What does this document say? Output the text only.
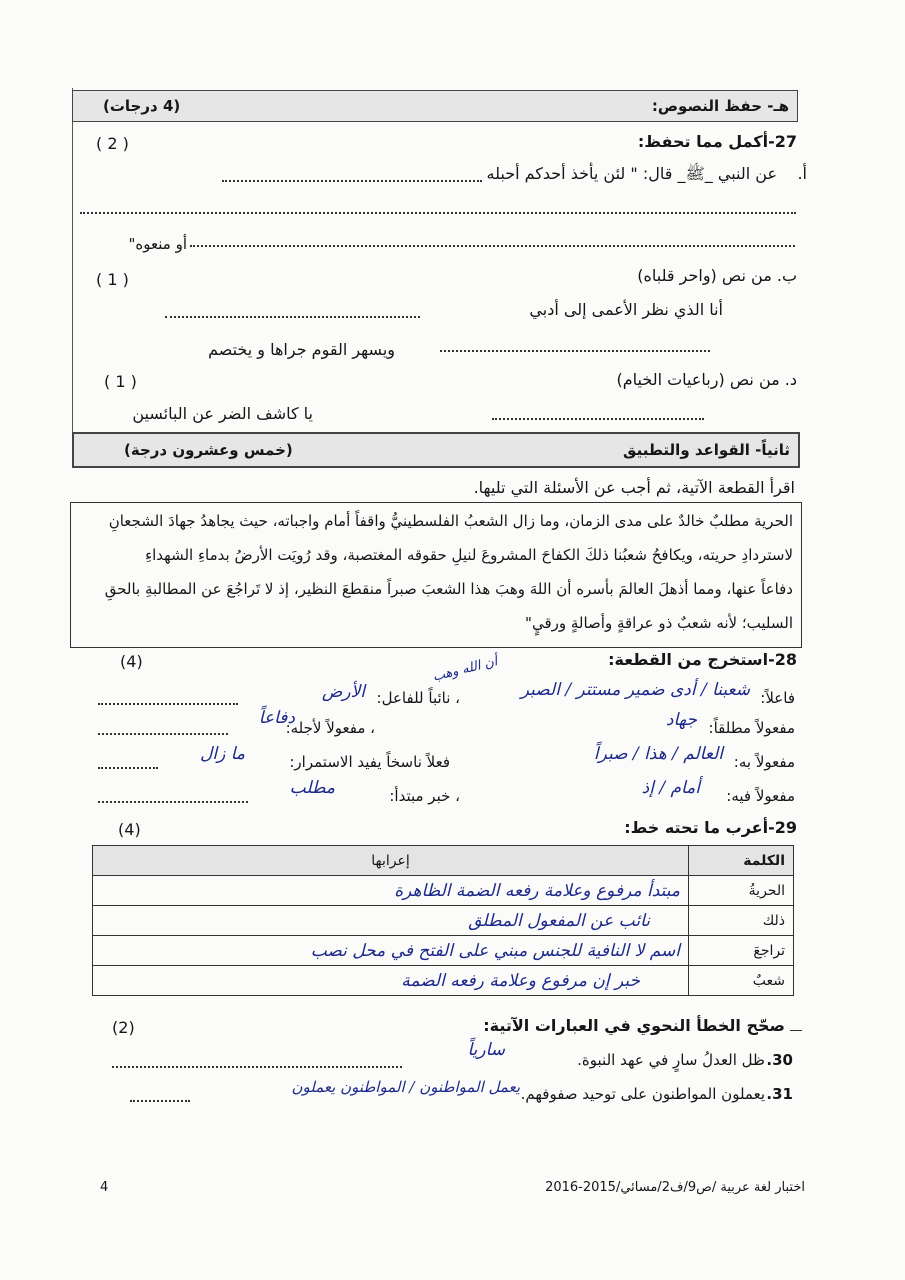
هـ- حفظ النصوص:
(4 درجات)
27-أكمل مما تحفظ:
( 2 )
أ.
عن النبي _ﷺ_ قال: " لئن يأخذ أحدكم أحبله
أو منعوه"
ب. من نص (واحر قلباه)
( 1 )
أنا الذي نظر الأعمى إلى أدبي
ويسهر القوم جراها و يختصم
د. من نص (رباعيات الخيام)
( 1 )
يا كاشف الضر عن البائسين
ثانياً- القواعد والتطبيق
(خمس وعشرون درجة)
اقرأ القطعة الآتية، ثم أجب عن الأسئلة التي تليها.
الحرية مطلبٌ خالدٌ على مدى الزمان، وما زال الشعبُ الفلسطينيُّ واقفاً أمام واجباته، حيث يجاهدُ جهادَ الشجعانِ
لاستردادِ حريته، ويكافحُ شعبُنا ذلكَ الكفاحَ المشروعَ لنيلِ حقوقه المغتصبة، وقد رُويَت الأرضُ بدماءِ الشهداءِ
دفاعاً عنها، ومما أذهلَ العالمَ بأسره أن اللهَ وهبَ هذا الشعبَ صبراً منقطعَ النظير، إذ لا تَراجُعَ عن المطالبةِ بالحقِ
السليب؛ لأنه شعبٌ ذو عراقةٍ وأصالةٍ ورقيٍ"
28-استخرج من القطعة:
(4)	أن الله وهب
فاعلاً:
شعبنا / أدى ضمير مستتر / الصبر
، نائباً للفاعل:
الأرض
مفعولاً مطلقاً:
جهاد
، مفعولاً لأجله:
دفاعاً
مفعولاً به:
العالم / هذا / صبراً
فعلاً ناسخاً يفيد الاستمرار:
ما زال
مفعولاً فيه:
أمام / إذ
، خبر مبتدأ:
مطلب
29-أعرب ما تحته خط:
(4)
الكلمة	إعرابها
الحريةُ	مبتدأ مرفوع وعلامة رفعه الضمة الظاهرة
ذلك	نائب عن المفعول المطلق
تراجعَ	اسم لا النافية للجنس مبني على الفتح في محل نصب
شعبٌ	خبر إن مرفوع وعلامة رفعه الضمة
صحّح الخطأ النحوي في العبارات الآتية:
(2)
30.
ظل العدلُ سارٍ في عهد النبوة.
سارياً
31.
يعملون المواطنون على توحيد صفوفهم.
يعمل المواطنون / المواطنون يعملون
4	اختبار لغة عربية /ص9/ف2/مسائي/2015-2016
